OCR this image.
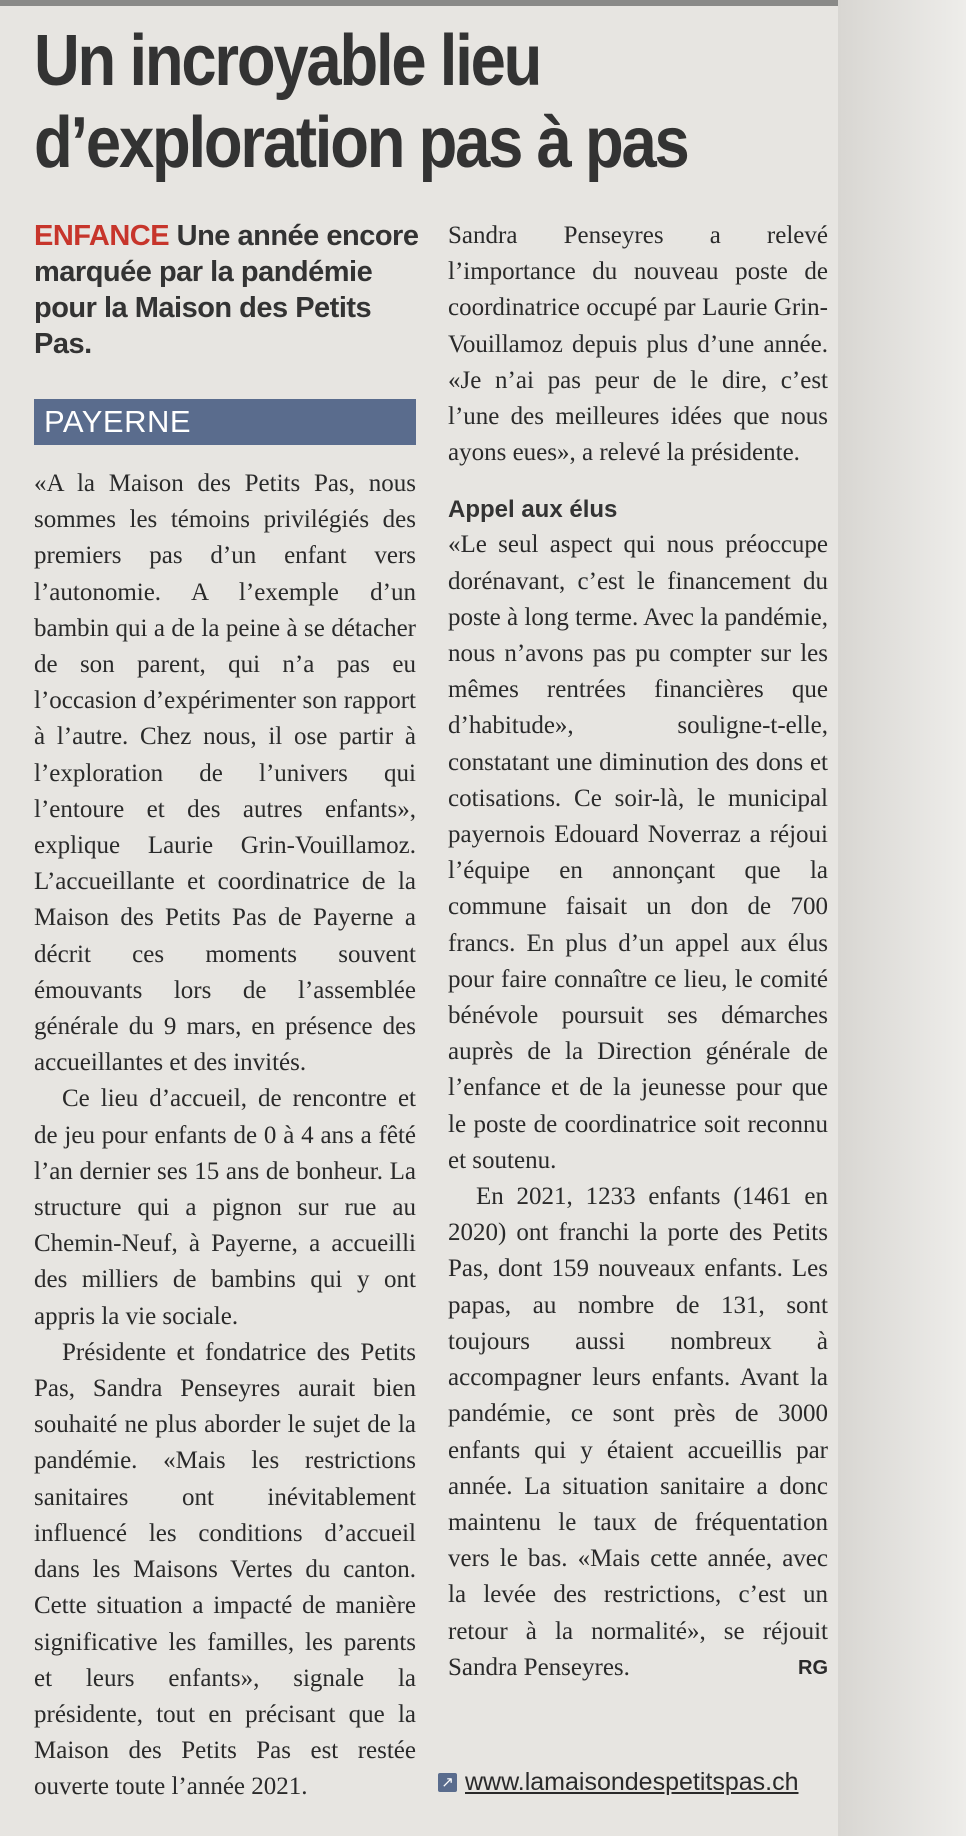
Un incroyable lieu
d’exploration pas à pas
ENFANCE Une année encore marquée par la pandémie pour la Maison des Petits Pas.
PAYERNE

«A la Maison des Petits Pas, nous sommes les témoins privilégiés des premiers pas d’un enfant vers l’autonomie. A l’exemple d’un bambin qui a de la peine à se détacher de son parent, qui n’a pas eu l’occasion d’expérimenter son rapport à l’autre. Chez nous, il ose partir à l’exploration de l’univers qui l’entoure et des autres enfants», explique Laurie Grin-Vouillamoz. L’accueillante et coordinatrice de la Maison des Petits Pas de Payerne a décrit ces moments souvent émouvants lors de l’assemblée générale du 9 mars, en présence des accueillantes et des invités.

Ce lieu d’accueil, de rencontre et de jeu pour enfants de 0 à 4 ans a fêté l’an dernier ses 15 ans de bonheur. La structure qui a pignon sur rue au Chemin-Neuf, à Payerne, a accueilli des milliers de bambins qui y ont appris la vie sociale.

Présidente et fondatrice des Petits Pas, Sandra Penseyres aurait bien souhaité ne plus aborder le sujet de la pandémie. «Mais les restrictions sanitaires ont inévitablement influencé les conditions d’accueil dans les Maisons Vertes du canton. Cette situation a impacté de manière significative les familles, les parents et leurs enfants», signale la présidente, tout en précisant que la Maison des Petits Pas est restée ouverte toute l’année 2021.

Sandra Penseyres a relevé l’importance du nouveau poste de coordinatrice occupé par Laurie Grin-Vouillamoz depuis plus d’une année. «Je n’ai pas peur de le dire, c’est l’une des meilleures idées que nous ayons eues», a relevé la présidente.

Appel aux élus

«Le seul aspect qui nous préoccupe dorénavant, c’est le financement du poste à long terme. Avec la pandémie, nous n’avons pas pu compter sur les mêmes rentrées financières que d’habitude», souligne-t-elle, constatant une diminution des dons et cotisations. Ce soir-là, le municipal payernois Edouard Noverraz a réjoui l’équipe en annonçant que la commune faisait un don de 700 francs. En plus d’un appel aux élus pour faire connaître ce lieu, le comité bénévole poursuit ses démarches auprès de la Direction générale de l’enfance et de la jeunesse pour que le poste de coordinatrice soit reconnu et soutenu.

En 2021, 1233 enfants (1461 en 2020) ont franchi la porte des Petits Pas, dont 159 nouveaux enfants. Les papas, au nombre de 131, sont toujours aussi nombreux à accompagner leurs enfants. Avant la pandémie, ce sont près de 3000 enfants qui y étaient accueillis par année. La situation sanitaire a donc maintenu le taux de fréquentation vers le bas. «Mais cette année, avec la levée des restrictions, c’est un retour à la normalité», se réjouit Sandra Penseyres.	RG

↗ www.lamaisondespetitspas.ch
